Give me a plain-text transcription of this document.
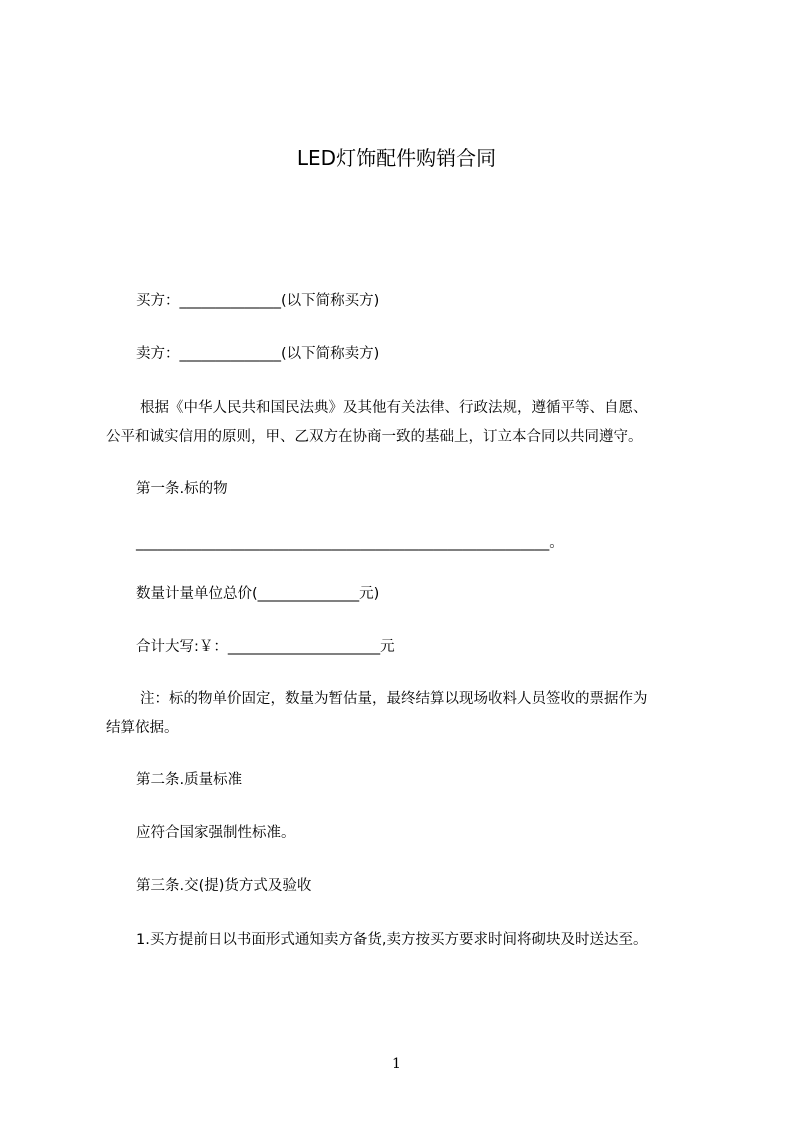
LED灯饰配件购销合同
买方：______________(以下简称买方)
卖方：______________(以下简称卖方)
根据《中华人民共和国民法典》及其他有关法律、行政法规，遵循平等、自愿、
公平和诚实信用的原则，甲、乙双方在协商一致的基础上，订立本合同以共同遵守。
第一条.标的物
_________________________________________________________。
数量计量单位总价(______________元)
合计大写:￥：_____________________元
注：标的物单价固定，数量为暂估量，最终结算以现场收料人员签收的票据作为
结算依据。
第二条.质量标准
应符合国家强制性标准。
第三条.交(提)货方式及验收
1.买方提前日以书面形式通知卖方备货,卖方按买方要求时间将砌块及时送达至。
1
